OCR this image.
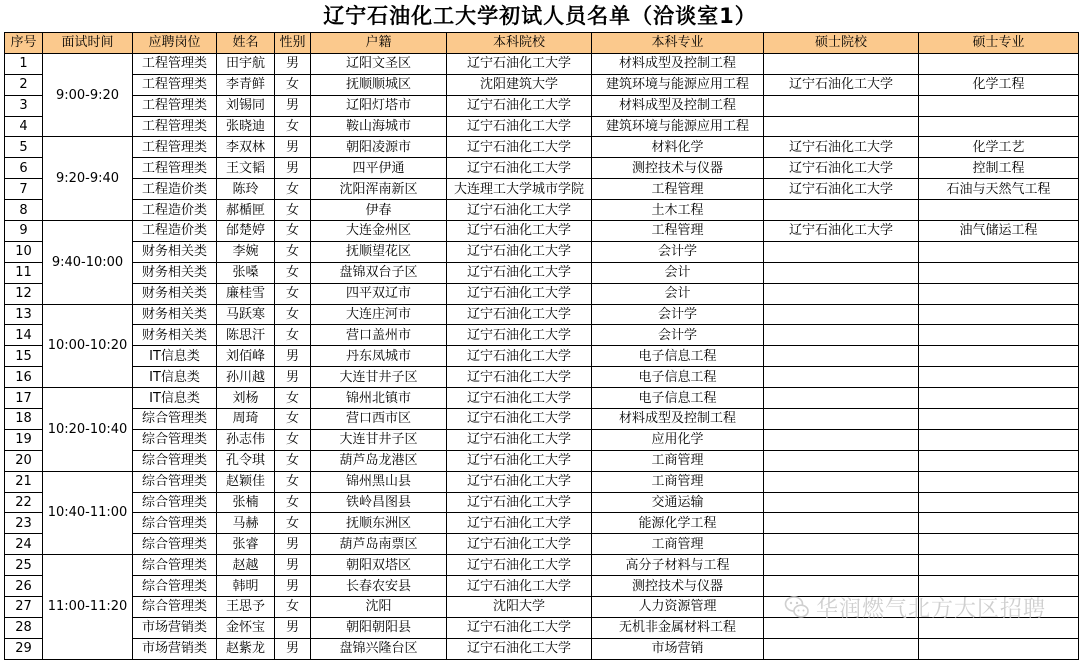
辽宁石油化工大学初试人员名单（洽谈室1）
序号	面试时间	应聘岗位	姓名	性别	户籍	本科院校	本科专业	硕士院校	硕士专业
1	9:00-9:20	工程管理类	田宇航	男	辽阳文圣区	辽宁石油化工大学	材料成型及控制工程		
2		工程管理类	李青鲜	女	抚顺顺城区	沈阳建筑大学	建筑环境与能源应用工程	辽宁石油化工大学	化学工程
3		工程管理类	刘锡同	男	辽阳灯塔市	辽宁石油化工大学	材料成型及控制工程		
4		工程管理类	张晓迪	女	鞍山海城市	辽宁石油化工大学	建筑环境与能源应用工程		
5	9:20-9:40	工程管理类	李双林	男	朝阳凌源市	辽宁石油化工大学	材料化学	辽宁石油化工大学	化学工艺
6		工程管理类	王文韬	男	四平伊通	辽宁石油化工大学	测控技术与仪器	辽宁石油化工大学	控制工程
7		工程造价类	陈玲	女	沈阳浑南新区	大连理工大学城市学院	工程管理	辽宁石油化工大学	石油与天然气工程
8		工程造价类	郝楯匣	女	伊春	辽宁石油化工大学	土木工程		
9	9:40-10:00	工程造价类	邰楚婷	女	大连金州区	辽宁石油化工大学	工程管理	辽宁石油化工大学	油气储运工程
10		财务相关类	李婉	女	抚顺望花区	辽宁石油化工大学	会计学		
11		财务相关类	张嗓	女	盘锦双台子区	辽宁石油化工大学	会计		
12		财务相关类	廉桂雪	女	四平双辽市	辽宁石油化工大学	会计		
13	10:00-10:20	财务相关类	马跃寒	女	大连庄河市	辽宁石油化工大学	会计学		
14		财务相关类	陈思汗	女	营口盖州市	辽宁石油化工大学	会计学		
15		IT信息类	刘佰峰	男	丹东凤城市	辽宁石油化工大学	电子信息工程		
16		IT信息类	孙川越	男	大连甘井子区	辽宁石油化工大学	电子信息工程		
17	10:20-10:40	IT信息类	刘杨	女	锦州北镇市	辽宁石油化工大学	电子信息工程		
18		综合管理类	周琦	女	营口西市区	辽宁石油化工大学	材料成型及控制工程		
19		综合管理类	孙志伟	女	大连甘井子区	辽宁石油化工大学	应用化学		
20		综合管理类	孔令琪	女	葫芦岛龙港区	辽宁石油化工大学	工商管理		
21	10:40-11:00	综合管理类	赵颖佳	女	锦州黑山县	辽宁石油化工大学	工商管理		
22		综合管理类	张楠	女	铁岭昌图县	辽宁石油化工大学	交通运输		
23		综合管理类	马赫	女	抚顺东洲区	辽宁石油化工大学	能源化学工程		
24		综合管理类	张睿	男	葫芦岛南票区	辽宁石油化工大学	工商管理		
25	11:00-11:20	综合管理类	赵越	男	朝阳双塔区	辽宁石油化工大学	高分子材料与工程		
26		综合管理类	韩明	男	长春农安县	辽宁石油化工大学	测控技术与仪器		
27		综合管理类	王思予	女	沈阳	沈阳大学	人力资源管理		
28		市场营销类	金怀宝	男	朝阳朝阳县	辽宁石油化工大学	无机非金属材料工程		
29		市场营销类	赵紫龙	男	盘锦兴隆台区	辽宁石油化工大学	市场营销		
华润燃气北方大区招聘
